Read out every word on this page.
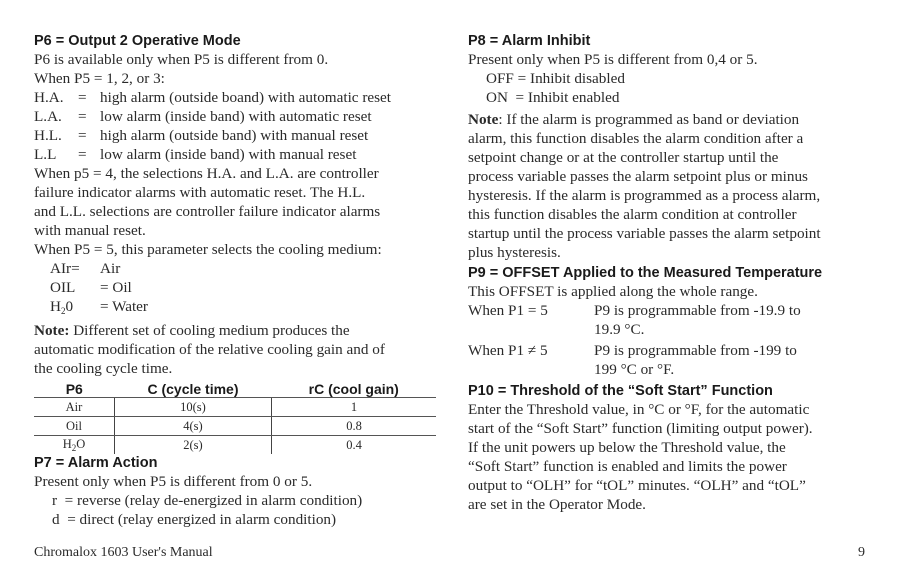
P6 = Output 2 Operative Mode
P6 is available only when P5 is different from 0.
When P5 = 1, 2, or 3:
H.A. = high alarm (outside boand) with automatic reset
L.A.	= low alarm (inside band) with automatic reset
H.L.	= high alarm (outside band) with manual reset
L.L	= low alarm (inside band) with manual reset
When p5 = 4, the selections H.A. and L.A. are controller
failure indicator alarms with automatic reset. The H.L.
and L.L. selections are controller failure indicator alarms
with manual reset.
When P5 = 5, this parameter selects the cooling medium:
AIr=	Air
OIL	= Oil
$H_20$	= Water
Note: Different set of cooling medium produces the
automatic modification of the relative cooling gain and of
the cooling cycle time.
P6	C (cycle time)	rC (cool gain)
Air	10(s)	1
Oil	4(s)	0.8
$H_2O$	2(s)	0.4
P7 = Alarm Action
Present only when P5 is different from 0 or 5.
r = reverse (relay de-energized in alarm condition)
d = direct (relay energized in alarm condition)
P8 = Alarm Inhibit
Present only when P5 is different from 0,4 or 5.
OFF = Inhibit disabled
ON  = Inhibit enabled
Note: If the alarm is programmed as band or deviation
alarm, this function disables the alarm condition after a
setpoint change or at the controller startup until the
process variable passes the alarm setpoint plus or minus
hysteresis. If the alarm is programmed as a process alarm,
this function disables the alarm condition at controller
startup until the process variable passes the alarm setpoint
plus hysteresis.
P9 = OFFSET Applied to the Measured Temperature
This OFFSET is applied along the whole range.
When P1 = 5	P9 is programmable from -19.9 to
19.9 °C.
When P1 ≠ 5	P9 is programmable from -199 to
199 °C or °F.
P10 = Threshold of the “Soft Start” Function
Enter the Threshold value, in °C or °F, for the automatic
start of the “Soft Start” function (limiting output power).
If the unit powers up below the Threshold value, the
“Soft Start” function is enabled and limits the power
output to “OLH” for “tOL” minutes. “OLH” and “tOL”
are set in the Operator Mode.
Chromalox 1603 User's Manual	9
